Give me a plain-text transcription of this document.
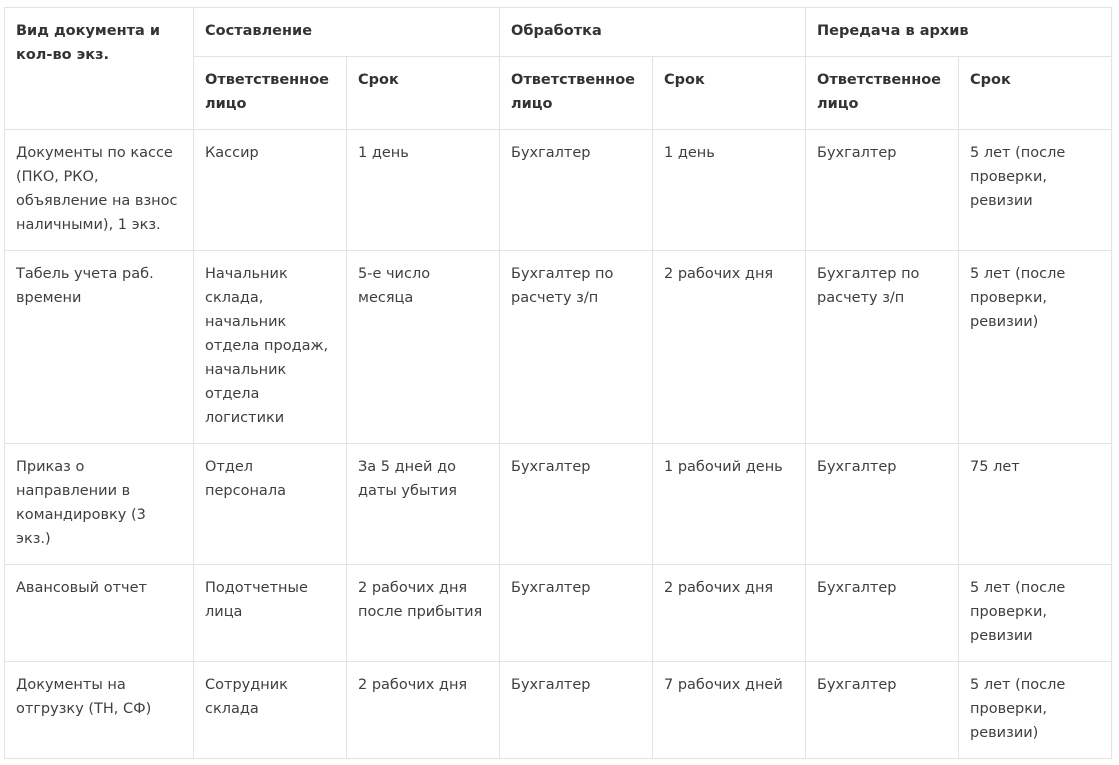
Вид документа и кол-во экз.	Составление		Обработка		Передача в архив	
	Ответственное лицо	Срок	Ответственное лицо	Срок	Ответственное лицо	Срок
Документы по кассе (ПКО, РКО, объявление на взнос наличными), 1 экз.	Кассир	1 день	Бухгалтер	1 день	Бухгалтер	5 лет (после проверки, ревизии
Табель учета раб. времени	Начальник склада, начальник отдела продаж, начальник отдела логистики	5-е число месяца	Бухгалтер по расчету з/п	2 рабочих дня	Бухгалтер по расчету з/п	5 лет (после проверки, ревизии)
Приказ о направлении в командировку (3 экз.)	Отдел персонала	За 5 дней до даты убытия	Бухгалтер	1 рабочий день	Бухгалтер	75 лет
Авансовый отчет	Подотчетные лица	2 рабочих дня после прибытия	Бухгалтер	2 рабочих дня	Бухгалтер	5 лет (после проверки, ревизии
Документы на отгрузку (ТН, СФ)	Сотрудник склада	2 рабочих дня	Бухгалтер	7 рабочих дней	Бухгалтер	5 лет (после проверки, ревизии)
